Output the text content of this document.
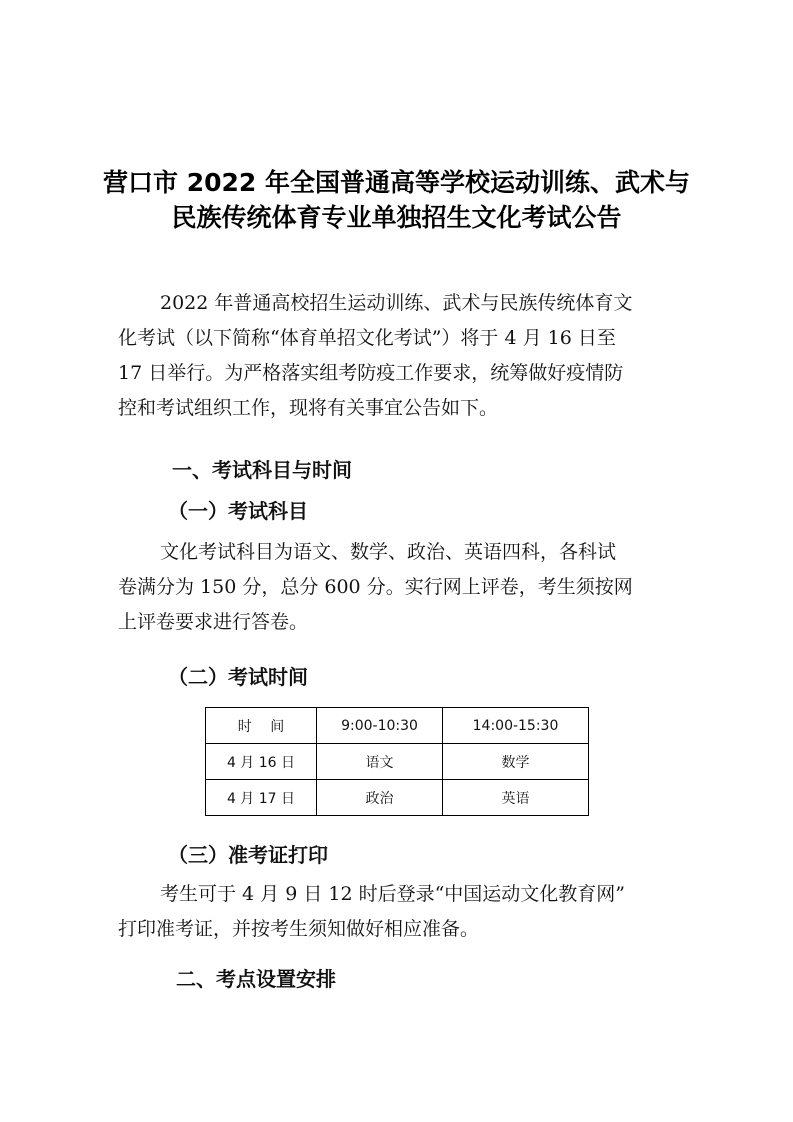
营口市 2022 年全国普通高等学校运动训练、武术与
民族传统体育专业单独招生文化考试公告
2022 年普通高校招生运动训练、武术与民族传统体育文
化考试（以下简称“体育单招文化考试”）将于 4 月 16 日至
17 日举行。为严格落实组考防疫工作要求，统筹做好疫情防
控和考试组织工作，现将有关事宜公告如下。
一、考试科目与时间
（一）考试科目
文化考试科目为语文、数学、政治、英语四科，各科试
卷满分为 150 分，总分 600 分。实行网上评卷，考生须按网
上评卷要求进行答卷。
（二）考试时间
时　 间	9:00-10:30	14:00-15:30
4 月 16 日	语文	数学
4 月 17 日	政治	英语
（三）准考证打印
考生可于 4 月 9 日 12 时后登录“中国运动文化教育网”
打印准考证，并按考生须知做好相应准备。
二、考点设置安排
